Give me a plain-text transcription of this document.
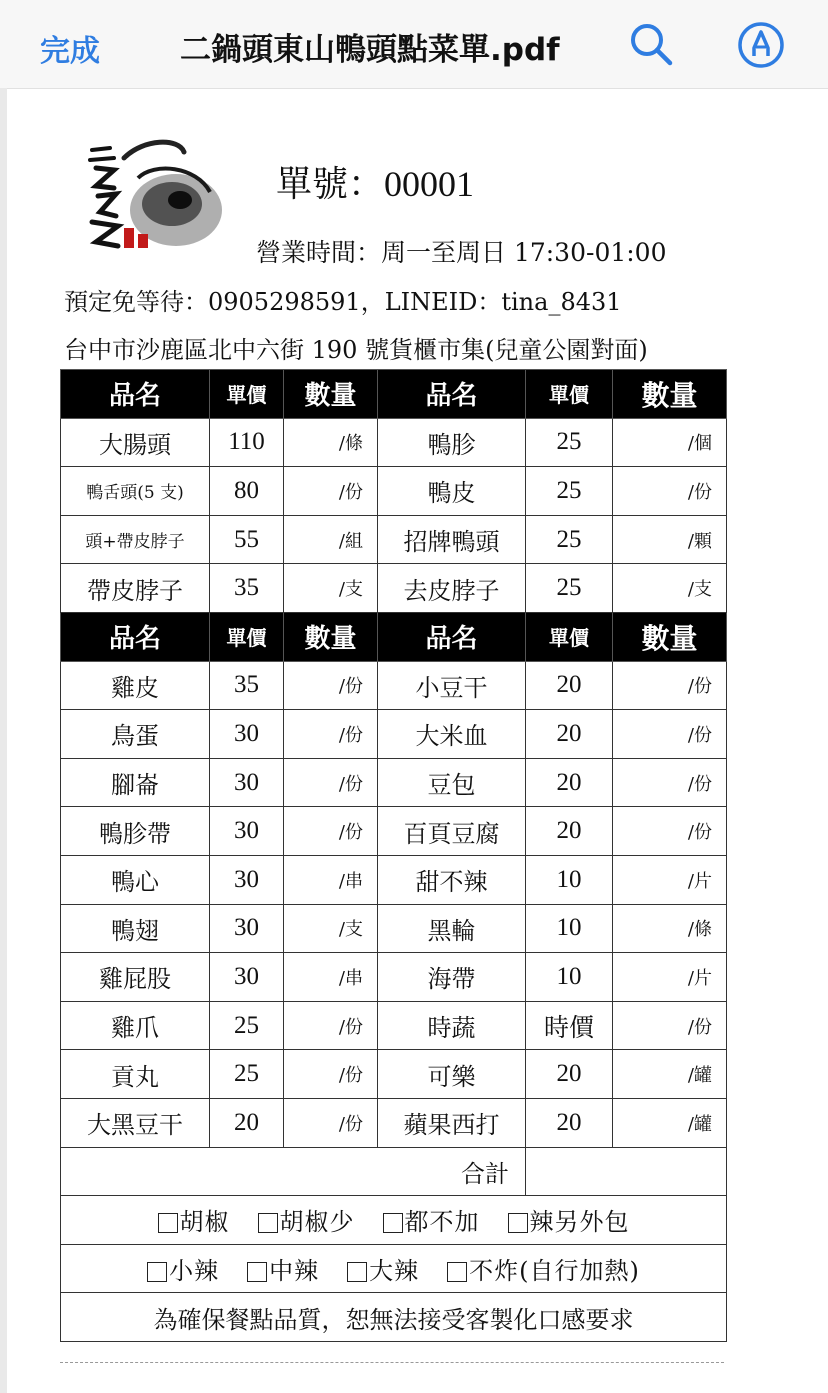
完成	二鍋頭東山鴨頭點菜單.pdf
單號：00001
營業時間：周一至周日 17:30-01:00
預定免等待：0905298591，LINEID：tina_8431
台中市沙鹿區北中六街 190 號貨櫃市集(兒童公園對面)
品名	單價	數量	品名	單價	數量
大腸頭	110	/條	鴨胗	25	/個
鴨舌頭(5 支)	80	/份	鴨皮	25	/份
頭+帶皮脖子	55	/組	招牌鴨頭	25	/顆
帶皮脖子	35	/支	去皮脖子	25	/支
品名	單價	數量	品名	單價	數量
雞皮	35	/份	小豆干	20	/份
鳥蛋	30	/份	大米血	20	/份
腳崙	30	/份	豆包	20	/份
鴨胗帶	30	/份	百頁豆腐	20	/份
鴨心	30	/串	甜不辣	10	/片
鴨翅	30	/支	黑輪	10	/條
雞屁股	30	/串	海帶	10	/片
雞爪	25	/份	時蔬	時價	/份
貢丸	25	/份	可樂	20	/罐
大黑豆干	20	/份	蘋果西打	20	/罐
合計					
胡椒 胡椒少 都不加 辣另外包					
小辣 中辣 大辣 不炸(自行加熱)					
為確保餐點品質，恕無法接受客製化口感要求					
